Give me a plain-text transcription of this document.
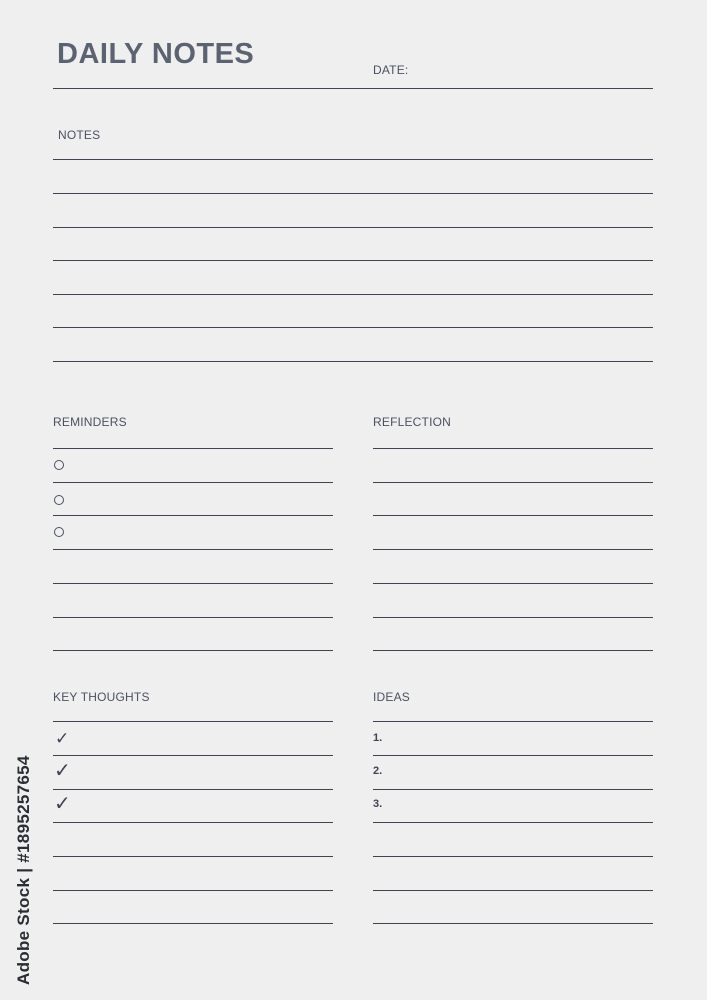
DAILY NOTES	DATE:
NOTES
REMINDERS	REFLECTION
KEY THOUGHTS	IDEAS
✓
✓
✓
1.
2.
3.
Adobe Stock | #1895257654
